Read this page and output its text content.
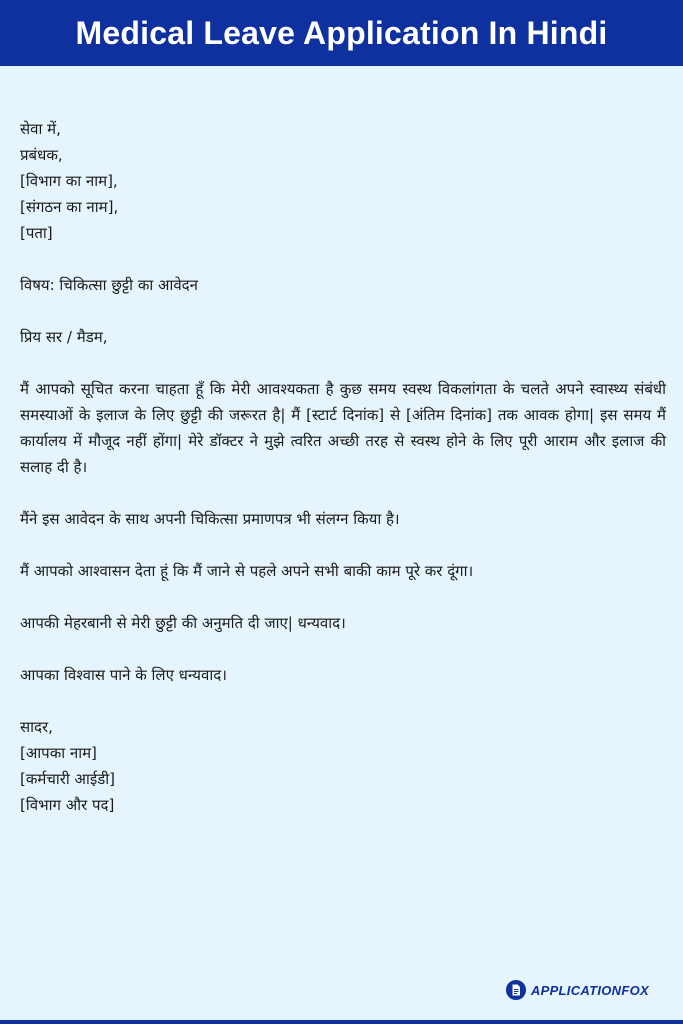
Medical Leave Application In Hindi
सेवा में,
प्रबंधक,
[विभाग का नाम],
[संगठन का नाम],
[पता]
विषय: चिकित्सा छुट्टी का आवेदन
प्रिय सर / मैडम,
मैं आपको सूचित करना चाहता हूँ कि मेरी आवश्यकता है कुछ समय स्वस्थ विकलांगता के चलते अपने स्वास्थ्य संबंधी समस्याओं के इलाज के लिए छुट्टी की जरूरत है| मैं [स्टार्ट दिनांक] से [अंतिम दिनांक] तक आवक होगा| इस समय मैं कार्यालय में मौजूद नहीं होंगा| मेरे डॉक्टर ने मुझे त्वरित अच्छी तरह से स्वस्थ होने के लिए पूरी आराम और इलाज की सलाह दी है।
मैंने इस आवेदन के साथ अपनी चिकित्सा प्रमाणपत्र भी संलग्न किया है।
मैं आपको आश्वासन देता हूं कि मैं जाने से पहले अपने सभी बाकी काम पूरे कर दूंगा।
आपकी मेहरबानी से मेरी छुट्टी की अनुमति दी जाए| धन्यवाद।
आपका विश्वास पाने के लिए धन्यवाद।
सादर,
[आपका नाम]
[कर्मचारी आईडी]
[विभाग और पद]
APPLICATIONFOX
